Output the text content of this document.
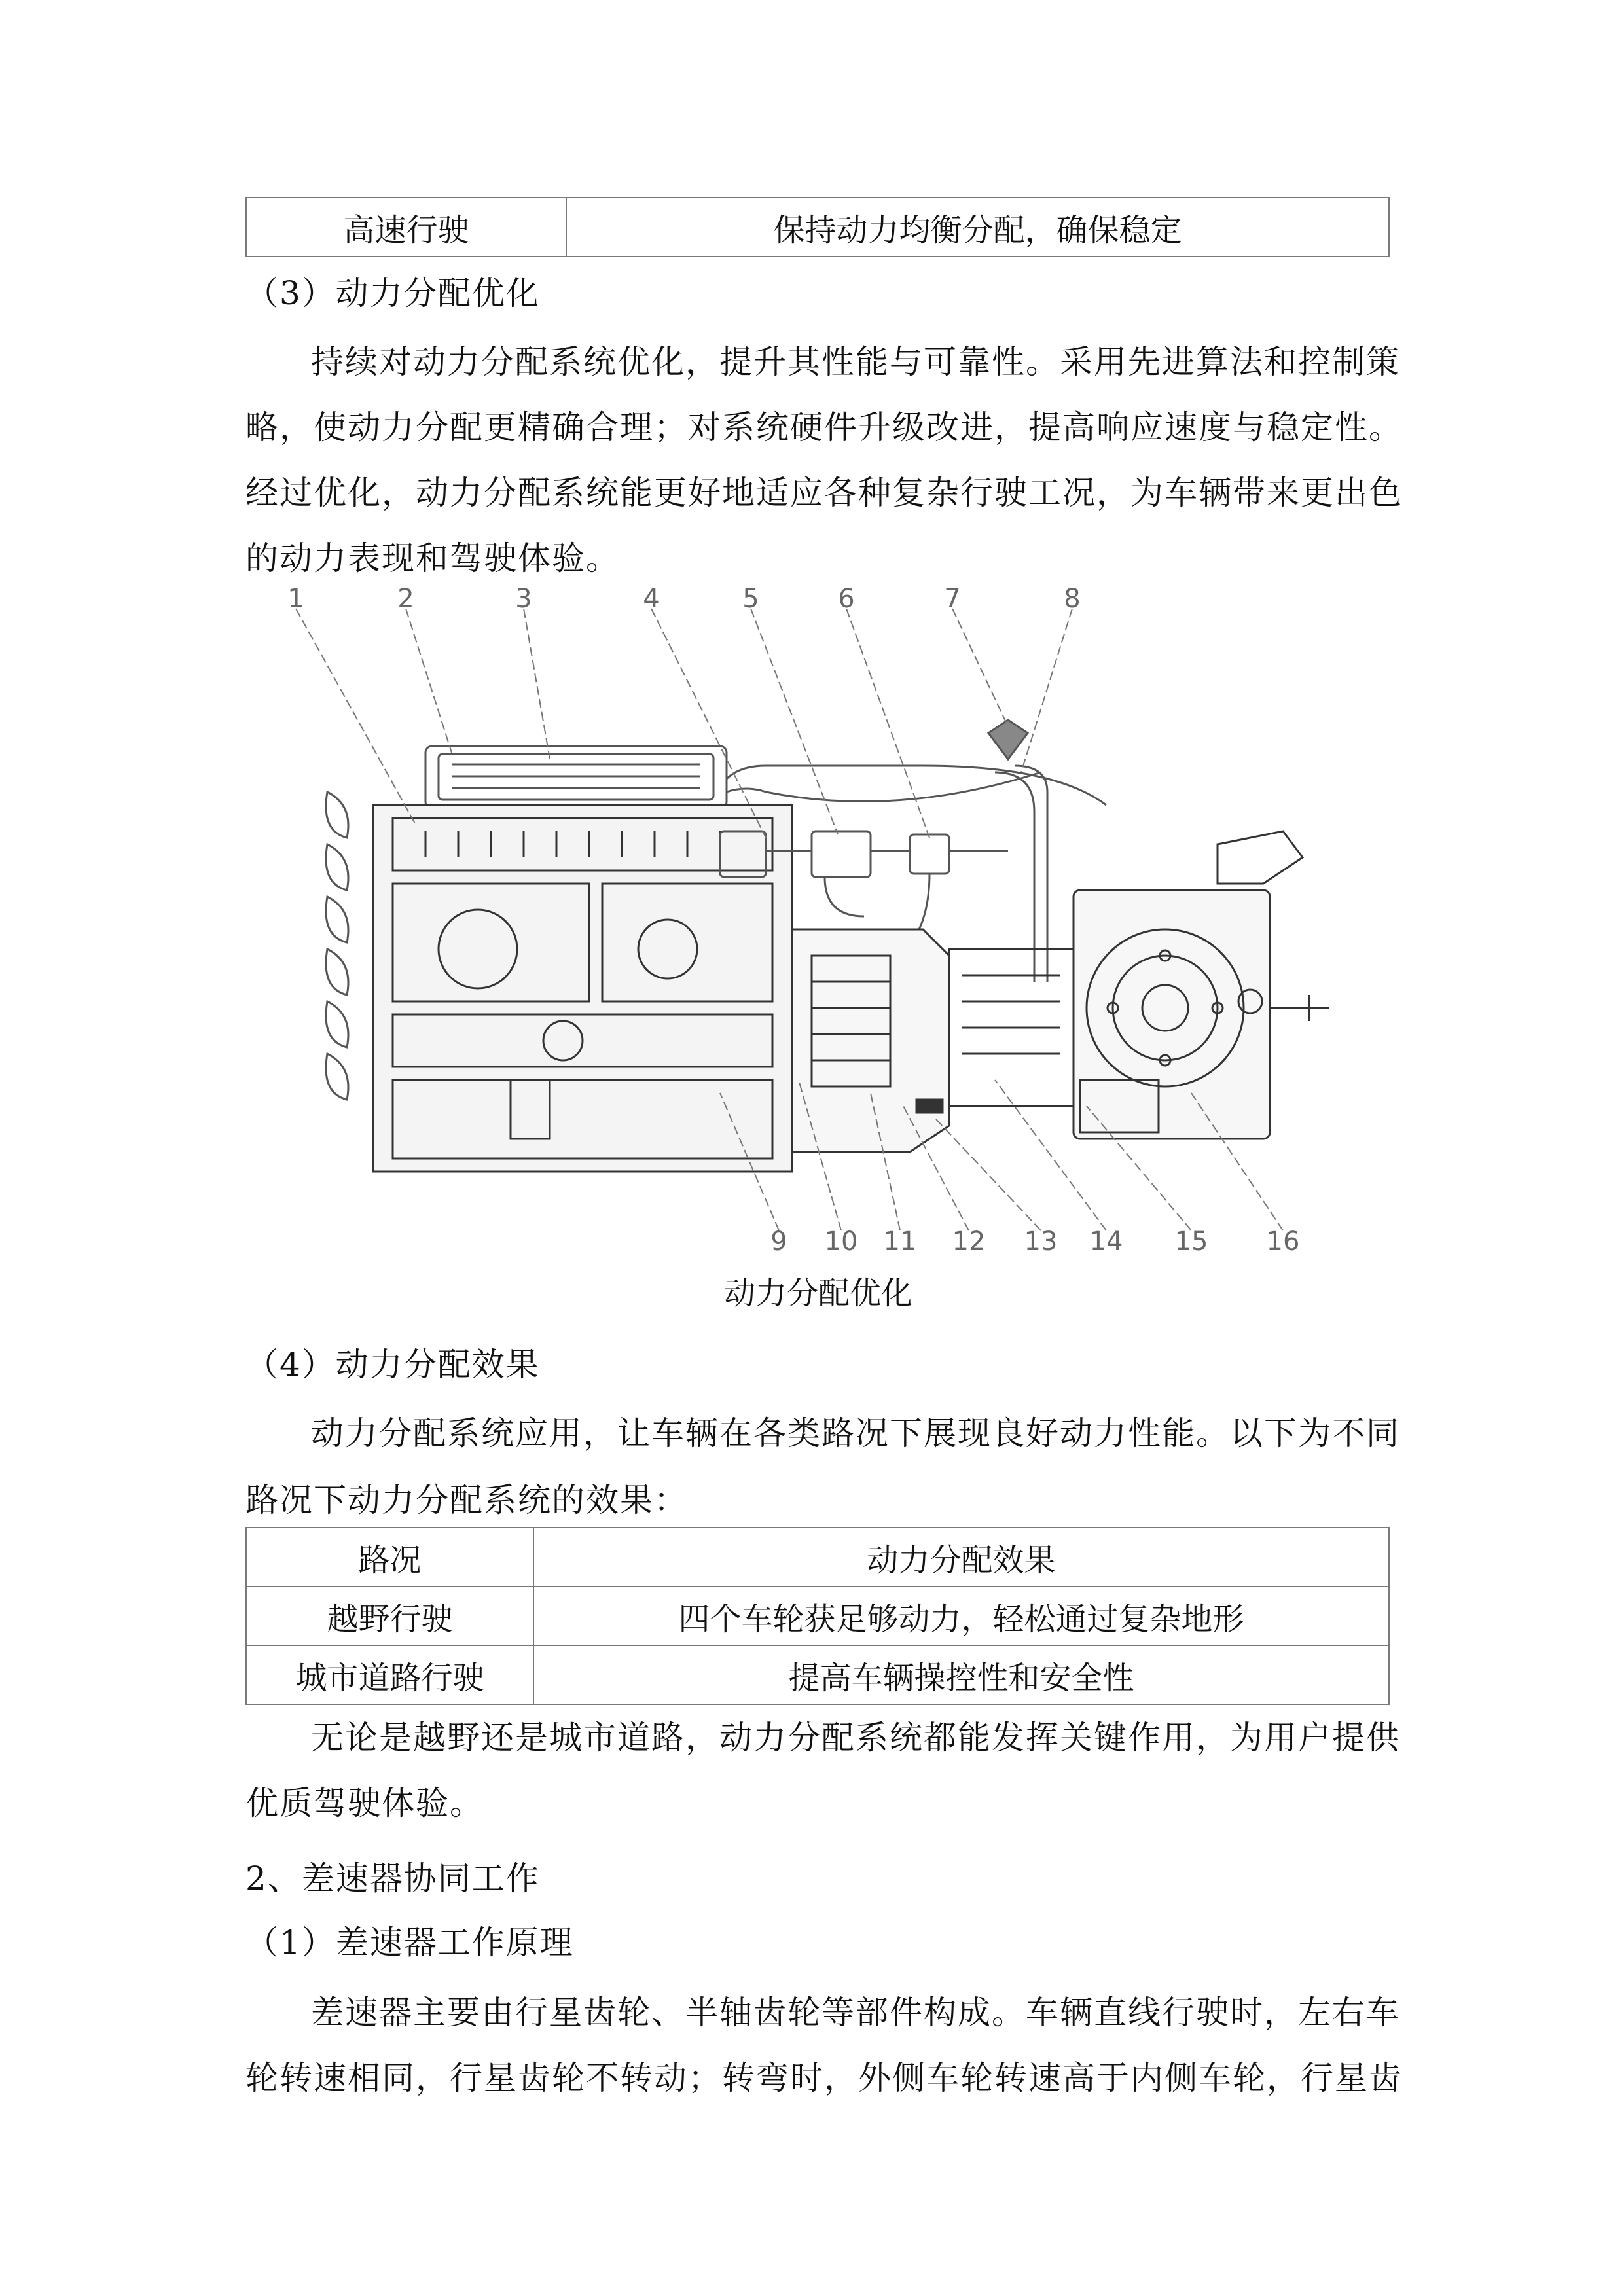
高速行驶	保持动力均衡分配，确保稳定
（3）动力分配优化
持续对动力分配系统优化，提升其性能与可靠性。采用先进算法和控制策
略，使动力分配更精确合理；对系统硬件升级改进，提高响应速度与稳定性。
经过优化，动力分配系统能更好地适应各种复杂行驶工况，为车辆带来更出色
的动力表现和驾驶体验。
1	2	3	4	5	6	7	8
9 10 11 12 13 14 15 16
动力分配优化
（4）动力分配效果
动力分配系统应用，让车辆在各类路况下展现良好动力性能。以下为不同
路况下动力分配系统的效果：
路况	动力分配效果
越野行驶	四个车轮获足够动力，轻松通过复杂地形
城市道路行驶	提高车辆操控性和安全性
无论是越野还是城市道路，动力分配系统都能发挥关键作用，为用户提供
优质驾驶体验。
2、差速器协同工作
（1）差速器工作原理
差速器主要由行星齿轮、半轴齿轮等部件构成。车辆直线行驶时，左右车
轮转速相同，行星齿轮不转动；转弯时，外侧车轮转速高于内侧车轮，行星齿
